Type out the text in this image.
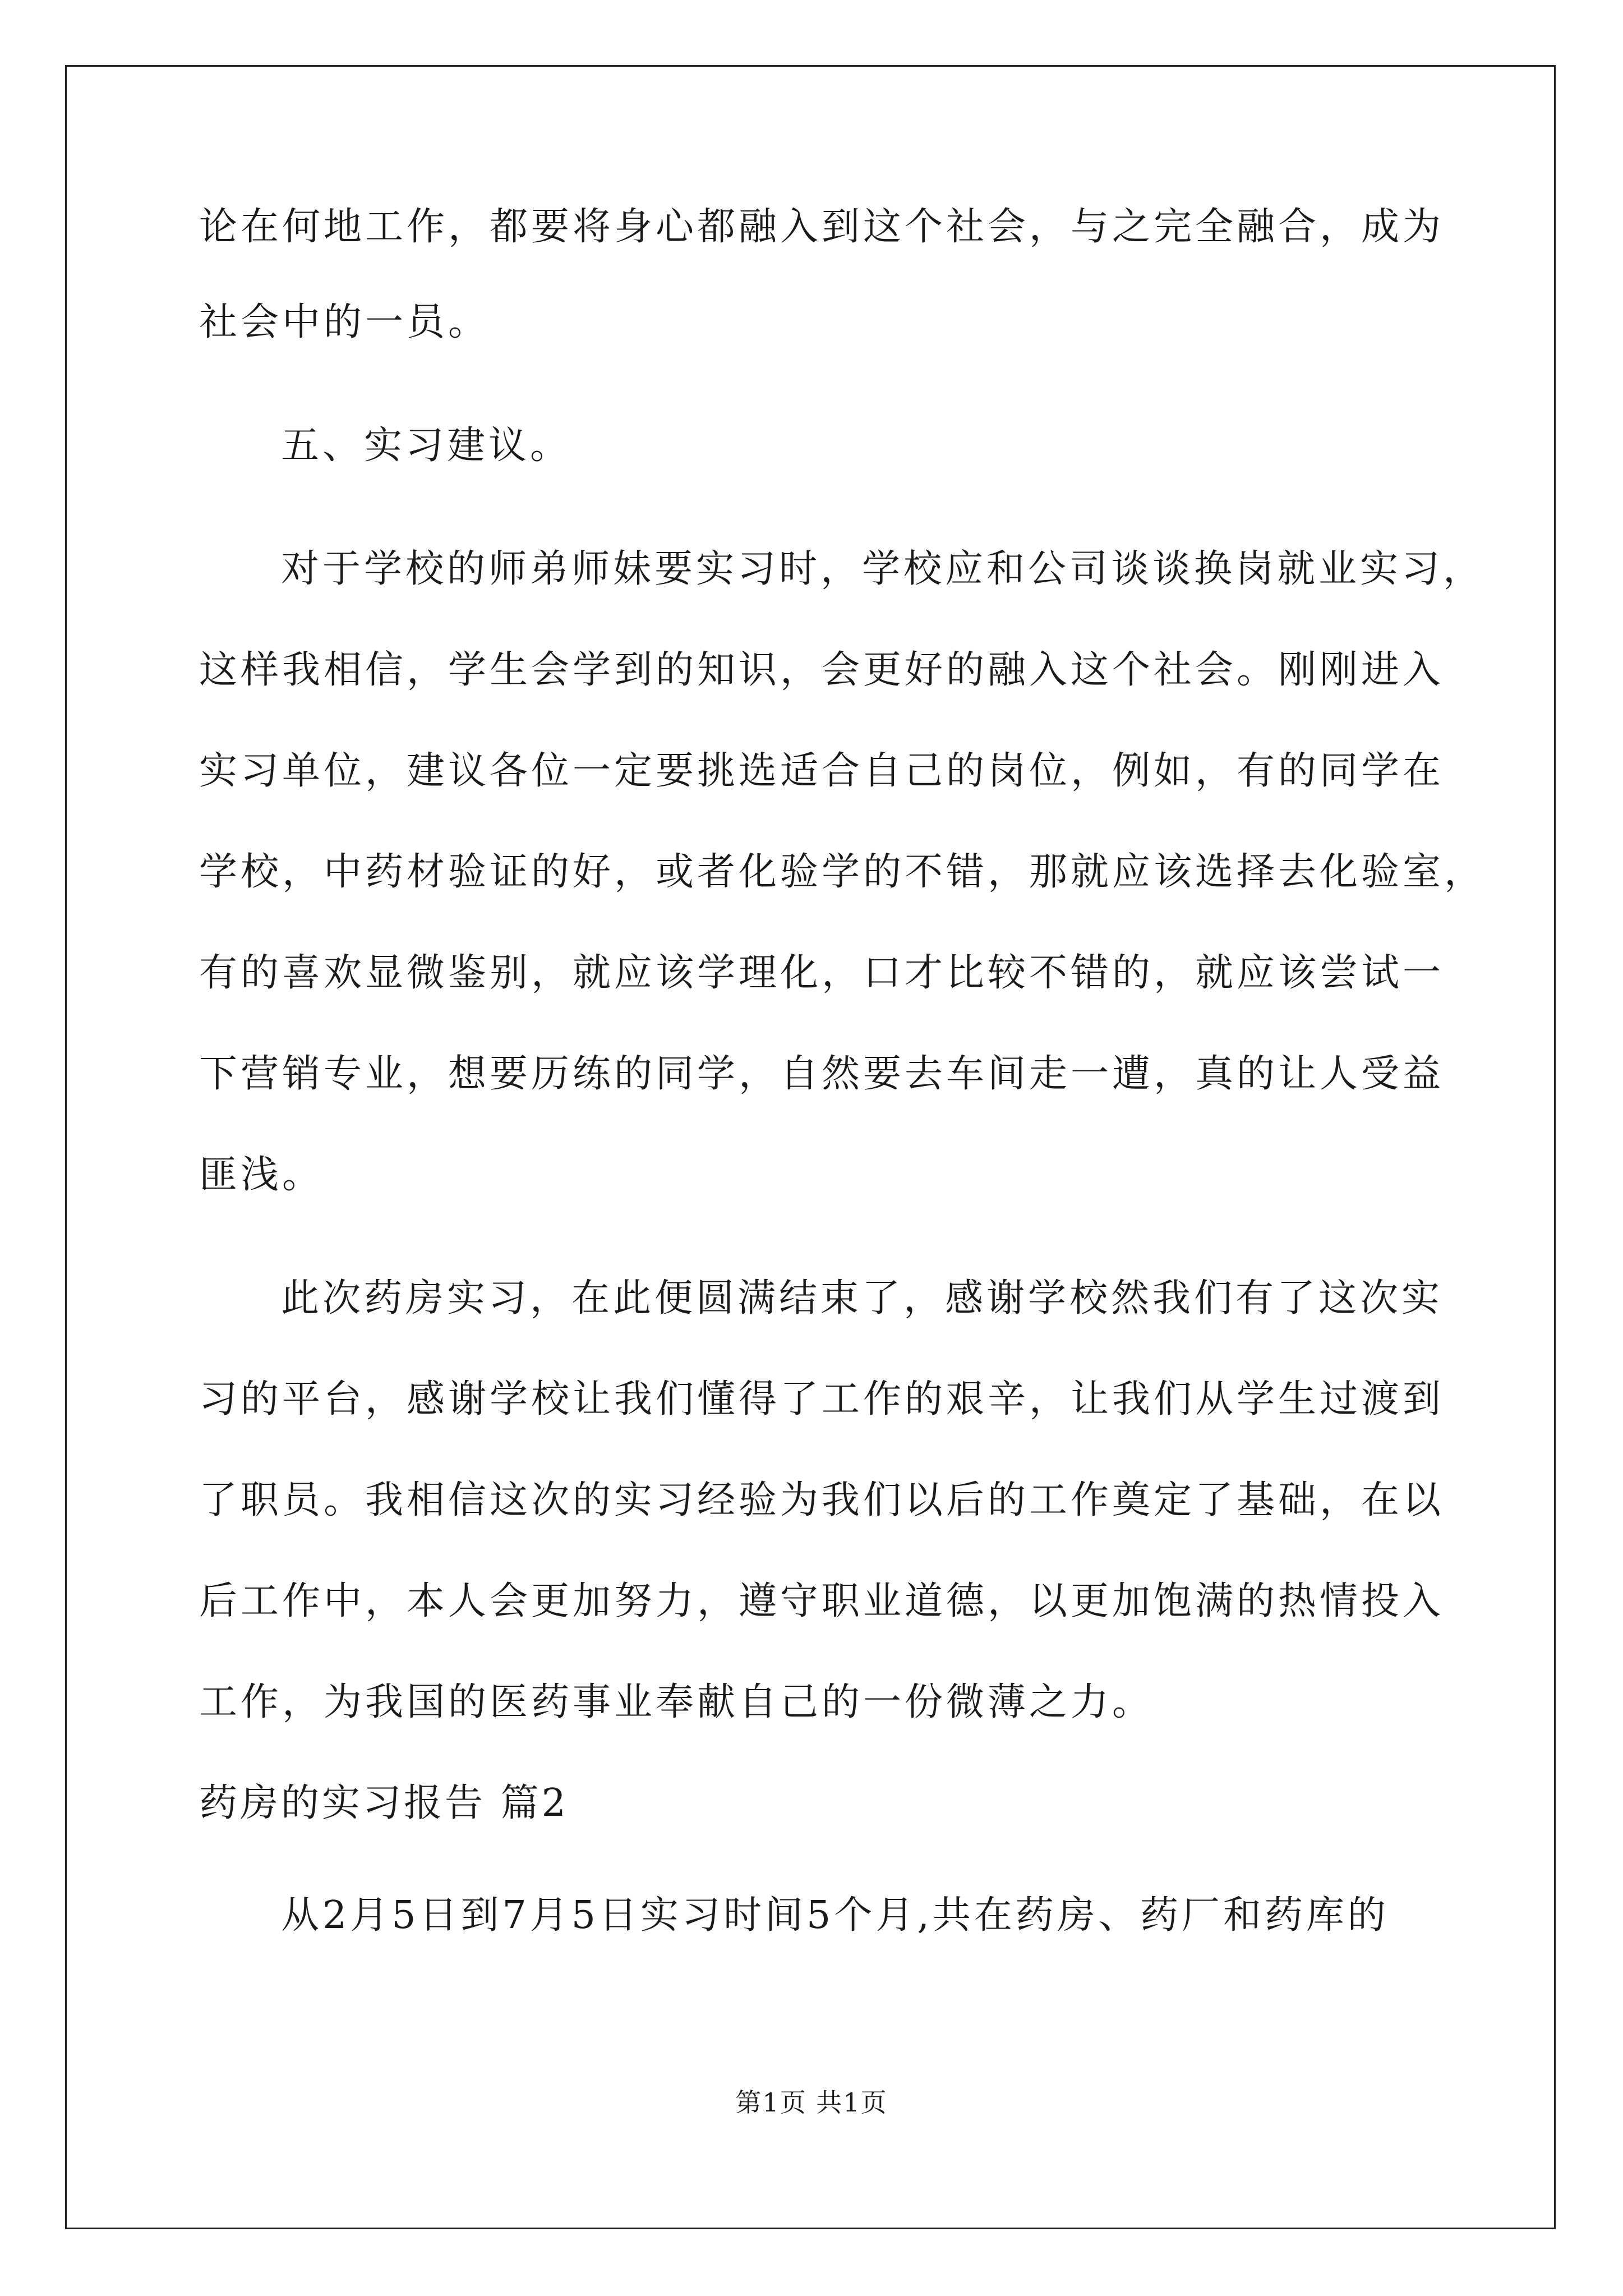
论在何地工作，都要将身心都融入到这个社会，与之完全融合，成为
社会中的一员。
五、实习建议。
对于学校的师弟师妹要实习时，学校应和公司谈谈换岗就业实习，
这样我相信，学生会学到的知识，会更好的融入这个社会。刚刚进入
实习单位，建议各位一定要挑选适合自己的岗位，例如，有的同学在
学校，中药材验证的好，或者化验学的不错，那就应该选择去化验室，
有的喜欢显微鉴别，就应该学理化，口才比较不错的，就应该尝试一
下营销专业，想要历练的同学，自然要去车间走一遭，真的让人受益
匪浅。
此次药房实习，在此便圆满结束了，感谢学校然我们有了这次实
习的平台，感谢学校让我们懂得了工作的艰辛，让我们从学生过渡到
了职员。我相信这次的实习经验为我们以后的工作奠定了基础，在以
后工作中，本人会更加努力，遵守职业道德，以更加饱满的热情投入
工作，为我国的医药事业奉献自己的一份微薄之力。
药房的实习报告 篇2
从2月5日到7月5日实习时间5个月,共在药房、药厂和药库的
第1页 共1页
